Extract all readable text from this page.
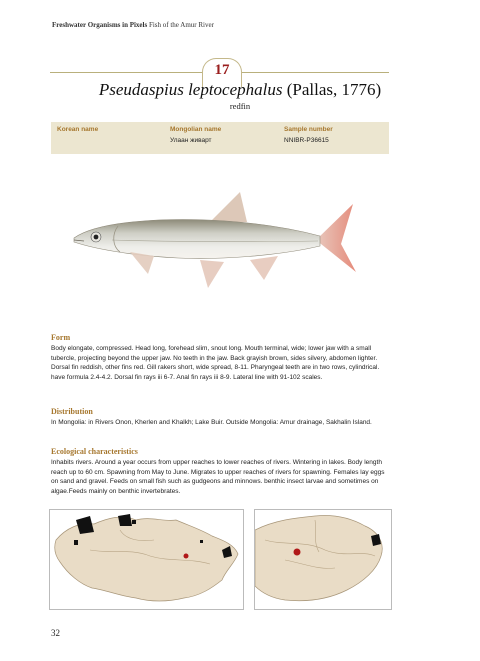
Freshwater Organisms in Pixels Fish of the Amur River
17
Pseudaspius leptocephalus (Pallas, 1776)
redfin
Korean name	Mongolian name
Улаан живарт
Sample number
NNIBR-P36615
Form
Body elongate, compressed. Head long, forehead slim, snout long. Mouth terminal, wide; lower jaw with a small tubercle, projecting beyond the upper jaw. No teeth in the jaw. Back grayish brown, sides silvery, abdomen lighter. Dorsal fin reddish, other fins red. Gill rakers short, wide spread, 8-11. Pharyngeal teeth are in two rows, cylindrical. have formula 2.4-4.2. Dorsal fin rays iii 6-7. Anal fin rays iii 8-9. Lateral line with 91-102 scales.
Distribution
In Mongolia: in Rivers Onon, Kherlen and Khalkh; Lake Buir. Outside Mongolia: Amur drainage, Sakhalin Island.
Ecological characteristics
Inhabits rivers. Around a year occurs from upper reaches to lower reaches of rivers. Wintering in lakes. Body length reach up to 60 cm. Spawning from May to June. Migrates to upper reaches of rivers for spawning. Females lay eggs on sand and gravel. Feeds on small fish such as gudgeons and minnows. benthic insect larvae and sometimes on algae.Feeds mainly on benthic invertebrates.
32
